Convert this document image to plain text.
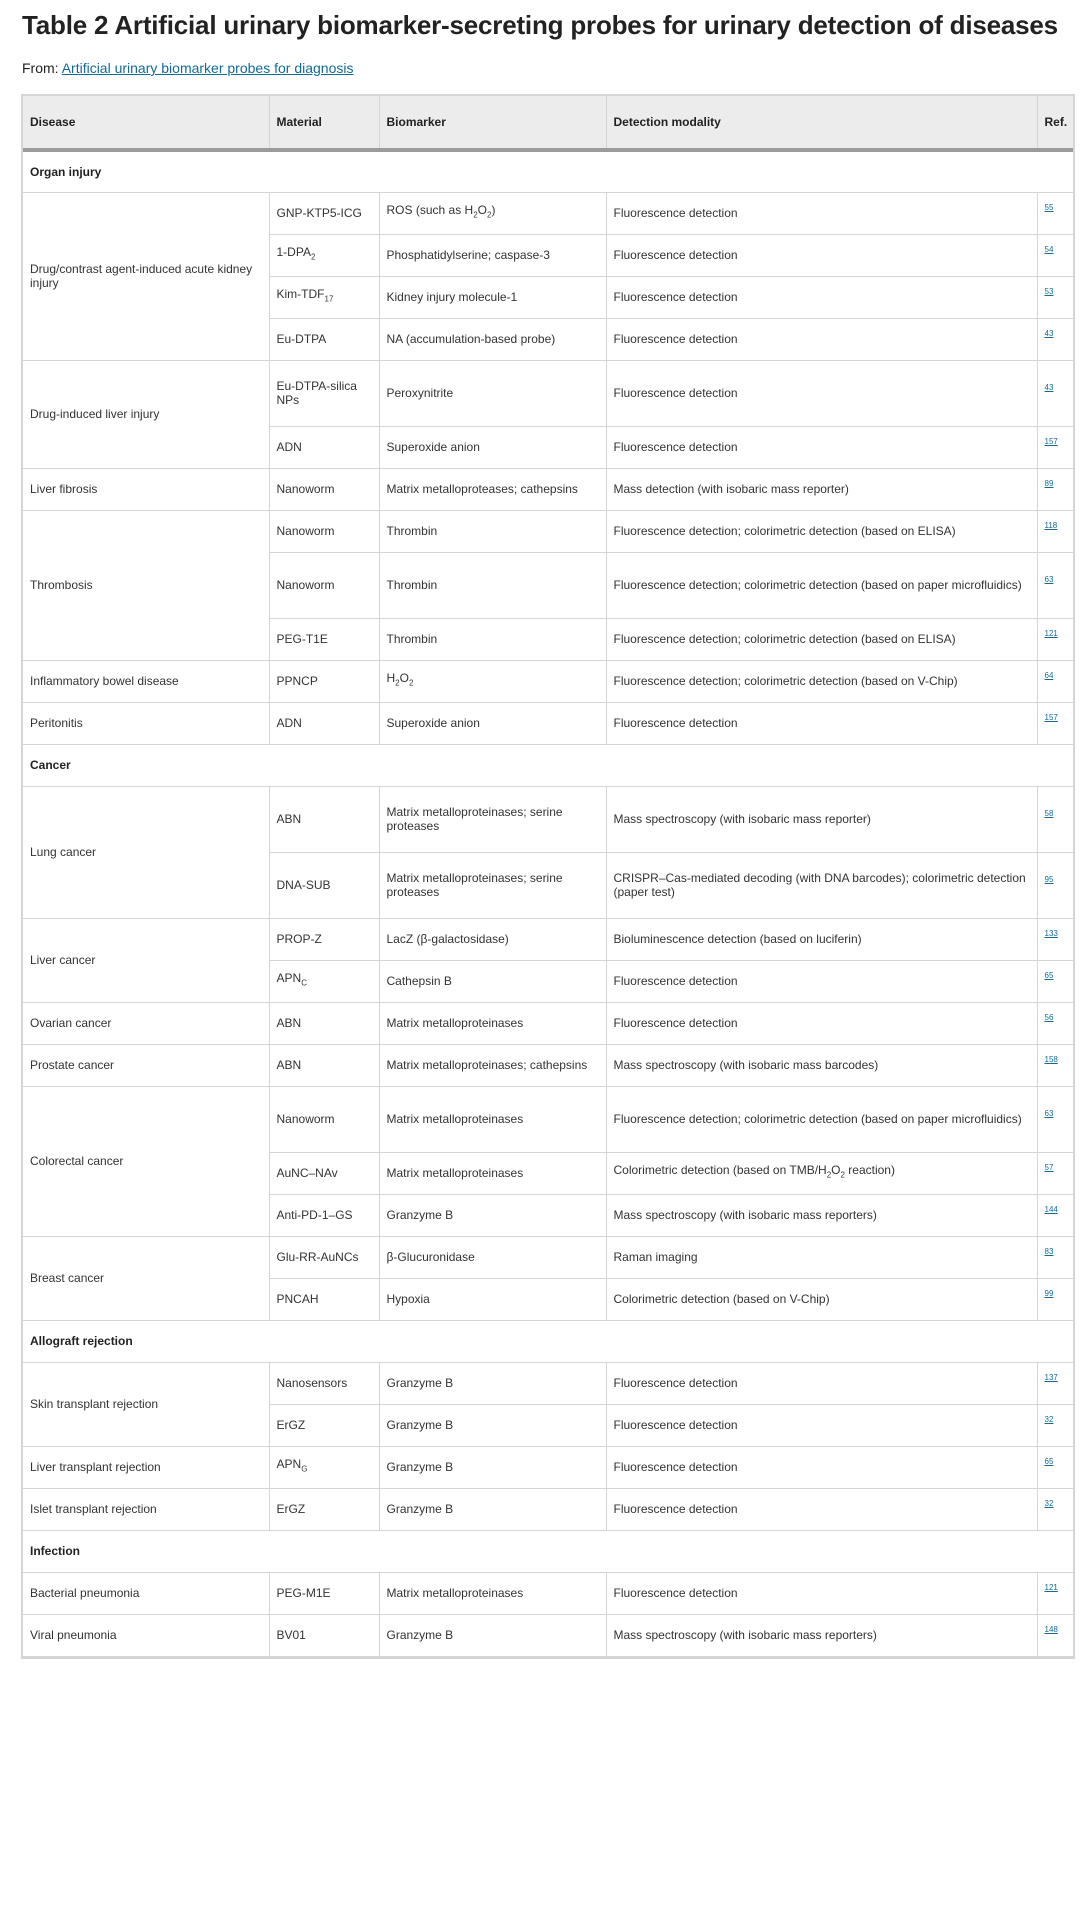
Table 2 Artificial urinary biomarker-secreting probes for urinary detection of diseases
From: Artificial urinary biomarker probes for diagnosis
Disease	Material	Biomarker	Detection modality	Ref.
Organ injury				
Drug/contrast agent-induced acute kidney injury	GNP-KTP5-ICG	ROS (such as $H_2O_2$)	Fluorescence detection	$^{55}$
	$1-DPA_2$	Phosphatidylserine; caspase-3	Fluorescence detection	$^{54}$
	Kim-$TDF_{17}$	Kidney injury molecule-1	Fluorescence detection	$^{53}$
	Eu-DTPA	NA (accumulation-based probe)	Fluorescence detection	$^{43}$
Drug-induced liver injury	Eu-DTPA-silica NPs	Peroxynitrite	Fluorescence detection	$^{43}$
	ADN	Superoxide anion	Fluorescence detection	$^{157}$
Liver fibrosis	Nanoworm	Matrix metalloproteases; cathepsins	Mass detection (with isobaric mass reporter)	$^{89}$
Thrombosis	Nanoworm	Thrombin	Fluorescence detection; colorimetric detection (based on ELISA)	$^{118}$
	Nanoworm	Thrombin	Fluorescence detection; colorimetric detection (based on paper microfluidics)	$^{63}$
	PEG-T1E	Thrombin	Fluorescence detection; colorimetric detection (based on ELISA)	$^{121}$
Inflammatory bowel disease	PPNCP	$H_2O_2$	Fluorescence detection; colorimetric detection (based on V-Chip)	$^{64}$
Peritonitis	ADN	Superoxide anion	Fluorescence detection	$^{157}$
Cancer				
Lung cancer	ABN	Matrix metalloproteinases; serine proteases	Mass spectroscopy (with isobaric mass reporter)	$^{58}$
	DNA-SUB	Matrix metalloproteinases; serine proteases	CRISPR–Cas-mediated decoding (with DNA barcodes); colorimetric detection (paper test)	$^{95}$
Liver cancer	PROP-Z	LacZ (β-galactosidase)	Bioluminescence detection (based on luciferin)	$^{133}$
	$APN_C$	Cathepsin B	Fluorescence detection	$^{65}$
Ovarian cancer	ABN	Matrix metalloproteinases	Fluorescence detection	$^{56}$
Prostate cancer	ABN	Matrix metalloproteinases; cathepsins	Mass spectroscopy (with isobaric mass barcodes)	$^{158}$
Colorectal cancer	Nanoworm	Matrix metalloproteinases	Fluorescence detection; colorimetric detection (based on paper microfluidics)	$^{63}$
	AuNC–NAv	Matrix metalloproteinases	Colorimetric detection (based on TMB/$H_2O_2$ reaction)	$^{57}$
	Anti-PD-1–GS	Granzyme B	Mass spectroscopy (with isobaric mass reporters)	$^{144}$
Breast cancer	Glu-RR-AuNCs	β-Glucuronidase	Raman imaging	$^{83}$
	PNCAH	Hypoxia	Colorimetric detection (based on V-Chip)	$^{99}$
Allograft rejection				
Skin transplant rejection	Nanosensors	Granzyme B	Fluorescence detection	$^{137}$
	ErGZ	Granzyme B	Fluorescence detection	$^{32}$
Liver transplant rejection	$APN_G$	Granzyme B	Fluorescence detection	$^{65}$
Islet transplant rejection	ErGZ	Granzyme B	Fluorescence detection	$^{32}$
Infection				
Bacterial pneumonia	PEG-M1E	Matrix metalloproteinases	Fluorescence detection	$^{121}$
Viral pneumonia	BV01	Granzyme B	Mass spectroscopy (with isobaric mass reporters)	$^{148}$
